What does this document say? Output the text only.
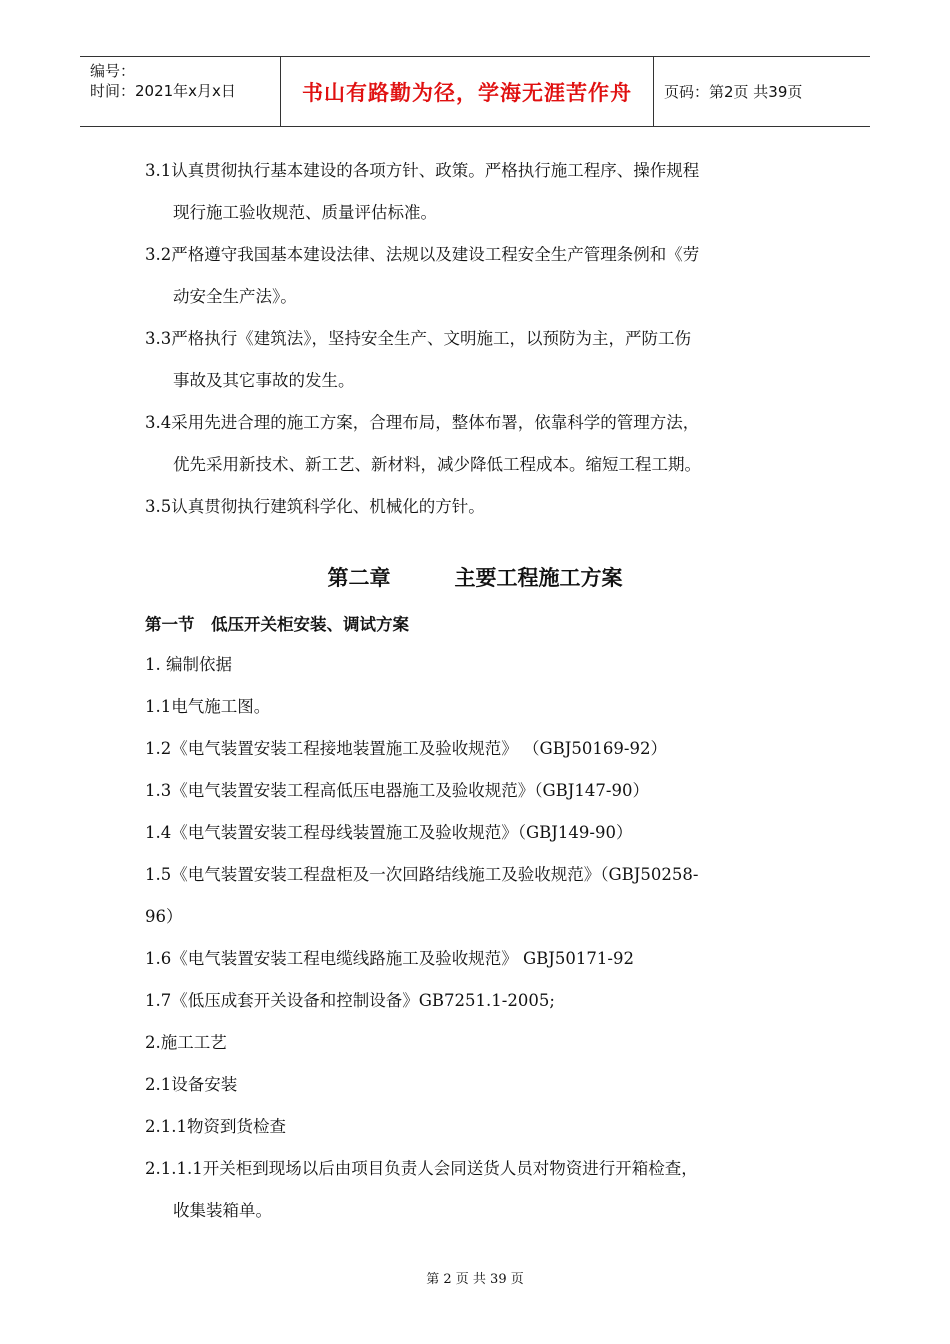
编号：
时间：2021年x月x日	书山有路勤为径，学海无涯苦作舟	页码：第2页 共39页
3.1认真贯彻执行基本建设的各项方针、政策。严格执行施工程序、操作规程
现行施工验收规范、质量评估标准。
3.2严格遵守我国基本建设法律、法规以及建设工程安全生产管理条例和《劳
动安全生产法》。
3.3严格执行《建筑法》，坚持安全生产、文明施工，以预防为主，严防工伤
事故及其它事故的发生。
3.4采用先进合理的施工方案，合理布局，整体布署，依靠科学的管理方法，
优先采用新技术、新工艺、新材料，减少降低工程成本。缩短工程工期。
3.5认真贯彻执行建筑科学化、机械化的方针。
第二章	主要工程施工方案
第一节　低压开关柜安装、调试方案
1. 编制依据
1.1电气施工图。
1.2《电气装置安装工程接地装置施工及验收规范》 （GBJ50169-92）
1.3《电气装置安装工程高低压电器施工及验收规范》（GBJ147-90）
1.4《电气装置安装工程母线装置施工及验收规范》（GBJ149-90）
1.5《电气装置安装工程盘柜及一次回路结线施工及验收规范》（GBJ50258-
96）
1.6《电气装置安装工程电缆线路施工及验收规范》 GBJ50171-92
1.7《低压成套开关设备和控制设备》GB7251.1-2005;
2.施工工艺
2.1设备安装
2.1.1物资到货检查
2.1.1.1开关柜到现场以后由项目负责人会同送货人员对物资进行开箱检查，
收集装箱单。
第 2 页 共 39 页
